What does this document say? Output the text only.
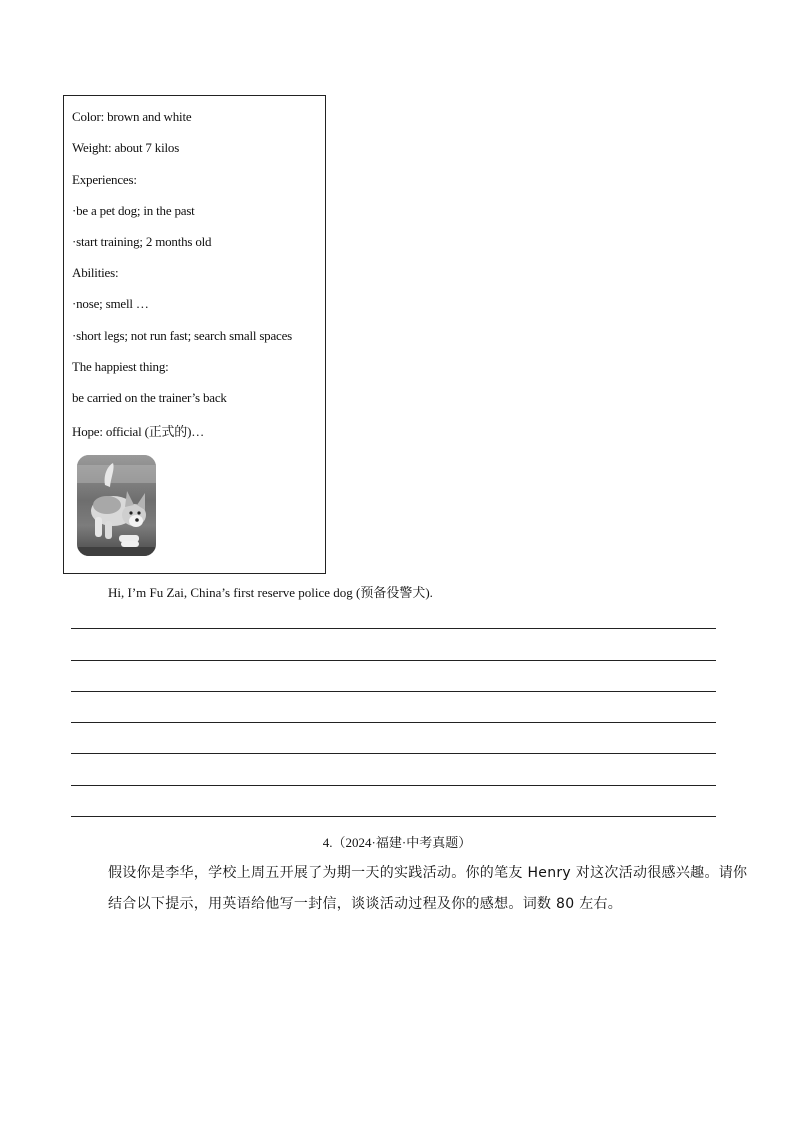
Color: brown and white
Weight: about 7 kilos
Experiences:
·be a pet dog; in the past
·start training; 2 months old
Abilities:
·nose; smell …
·short legs; not run fast; search small spaces
The happiest thing:
be carried on the trainer’s back
Hope: official (正式的)…
Hi, I’m Fu Zai, China’s first reserve police dog (预备役警犬).
4.（2024·福建·中考真题）
假设你是李华，学校上周五开展了为期一天的实践活动。你的笔友 Henry 对这次活动很感兴趣。请你
结合以下提示，用英语给他写一封信，谈谈活动过程及你的感想。词数 80 左右。
